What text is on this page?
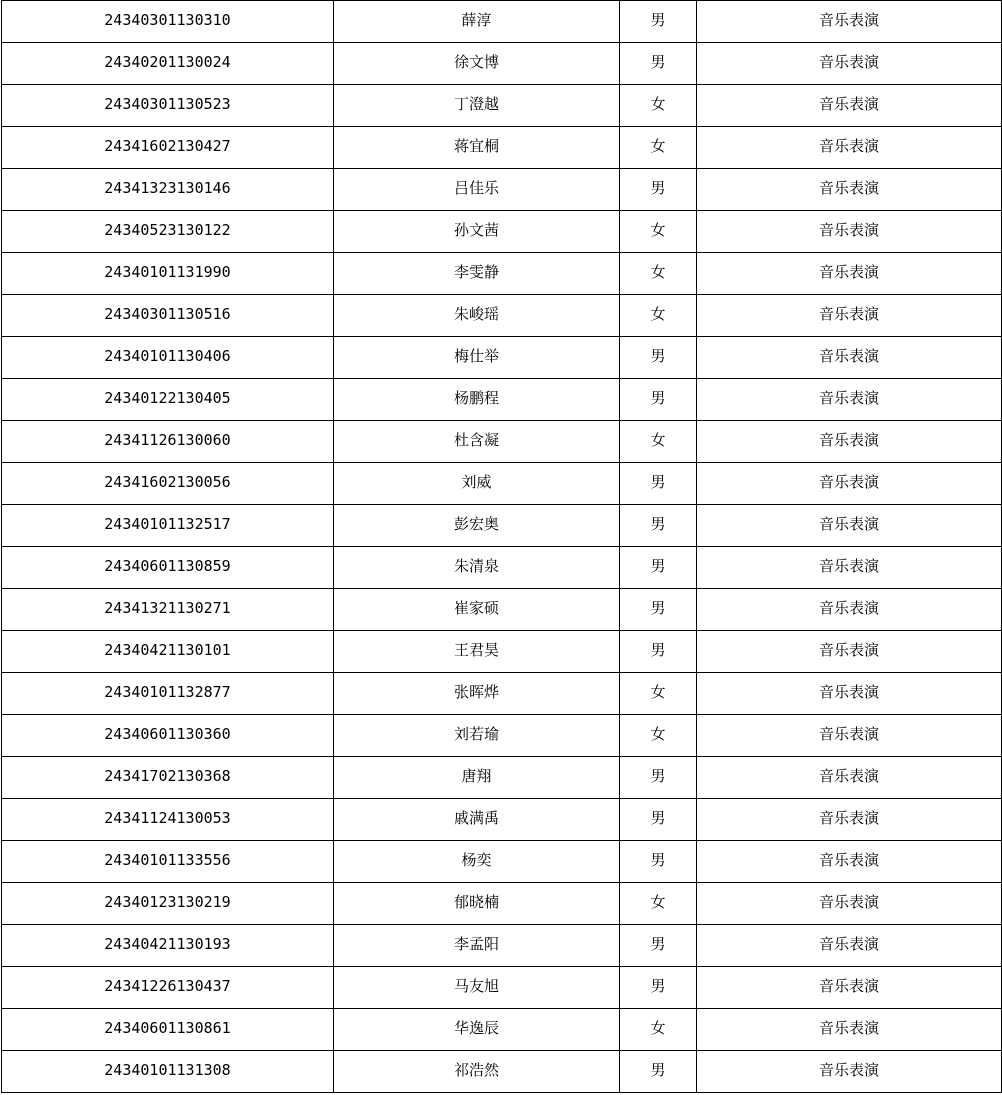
24340301130310	薛淳	男	音乐表演
24340201130024	徐文博	男	音乐表演
24340301130523	丁澄越	女	音乐表演
24341602130427	蒋宜桐	女	音乐表演
24341323130146	吕佳乐	男	音乐表演
24340523130122	孙文茜	女	音乐表演
24340101131990	李雯静	女	音乐表演
24340301130516	朱峻瑶	女	音乐表演
24340101130406	梅仕举	男	音乐表演
24340122130405	杨鹏程	男	音乐表演
24341126130060	杜含凝	女	音乐表演
24341602130056	刘威	男	音乐表演
24340101132517	彭宏奥	男	音乐表演
24340601130859	朱清泉	男	音乐表演
24341321130271	崔家硕	男	音乐表演
24340421130101	王君昊	男	音乐表演
24340101132877	张晖烨	女	音乐表演
24340601130360	刘若瑜	女	音乐表演
24341702130368	唐翔	男	音乐表演
24341124130053	戚满禹	男	音乐表演
24340101133556	杨奕	男	音乐表演
24340123130219	郁晓楠	女	音乐表演
24340421130193	李孟阳	男	音乐表演
24341226130437	马友旭	男	音乐表演
24340601130861	华逸辰	女	音乐表演
24340101131308	祁浩然	男	音乐表演
